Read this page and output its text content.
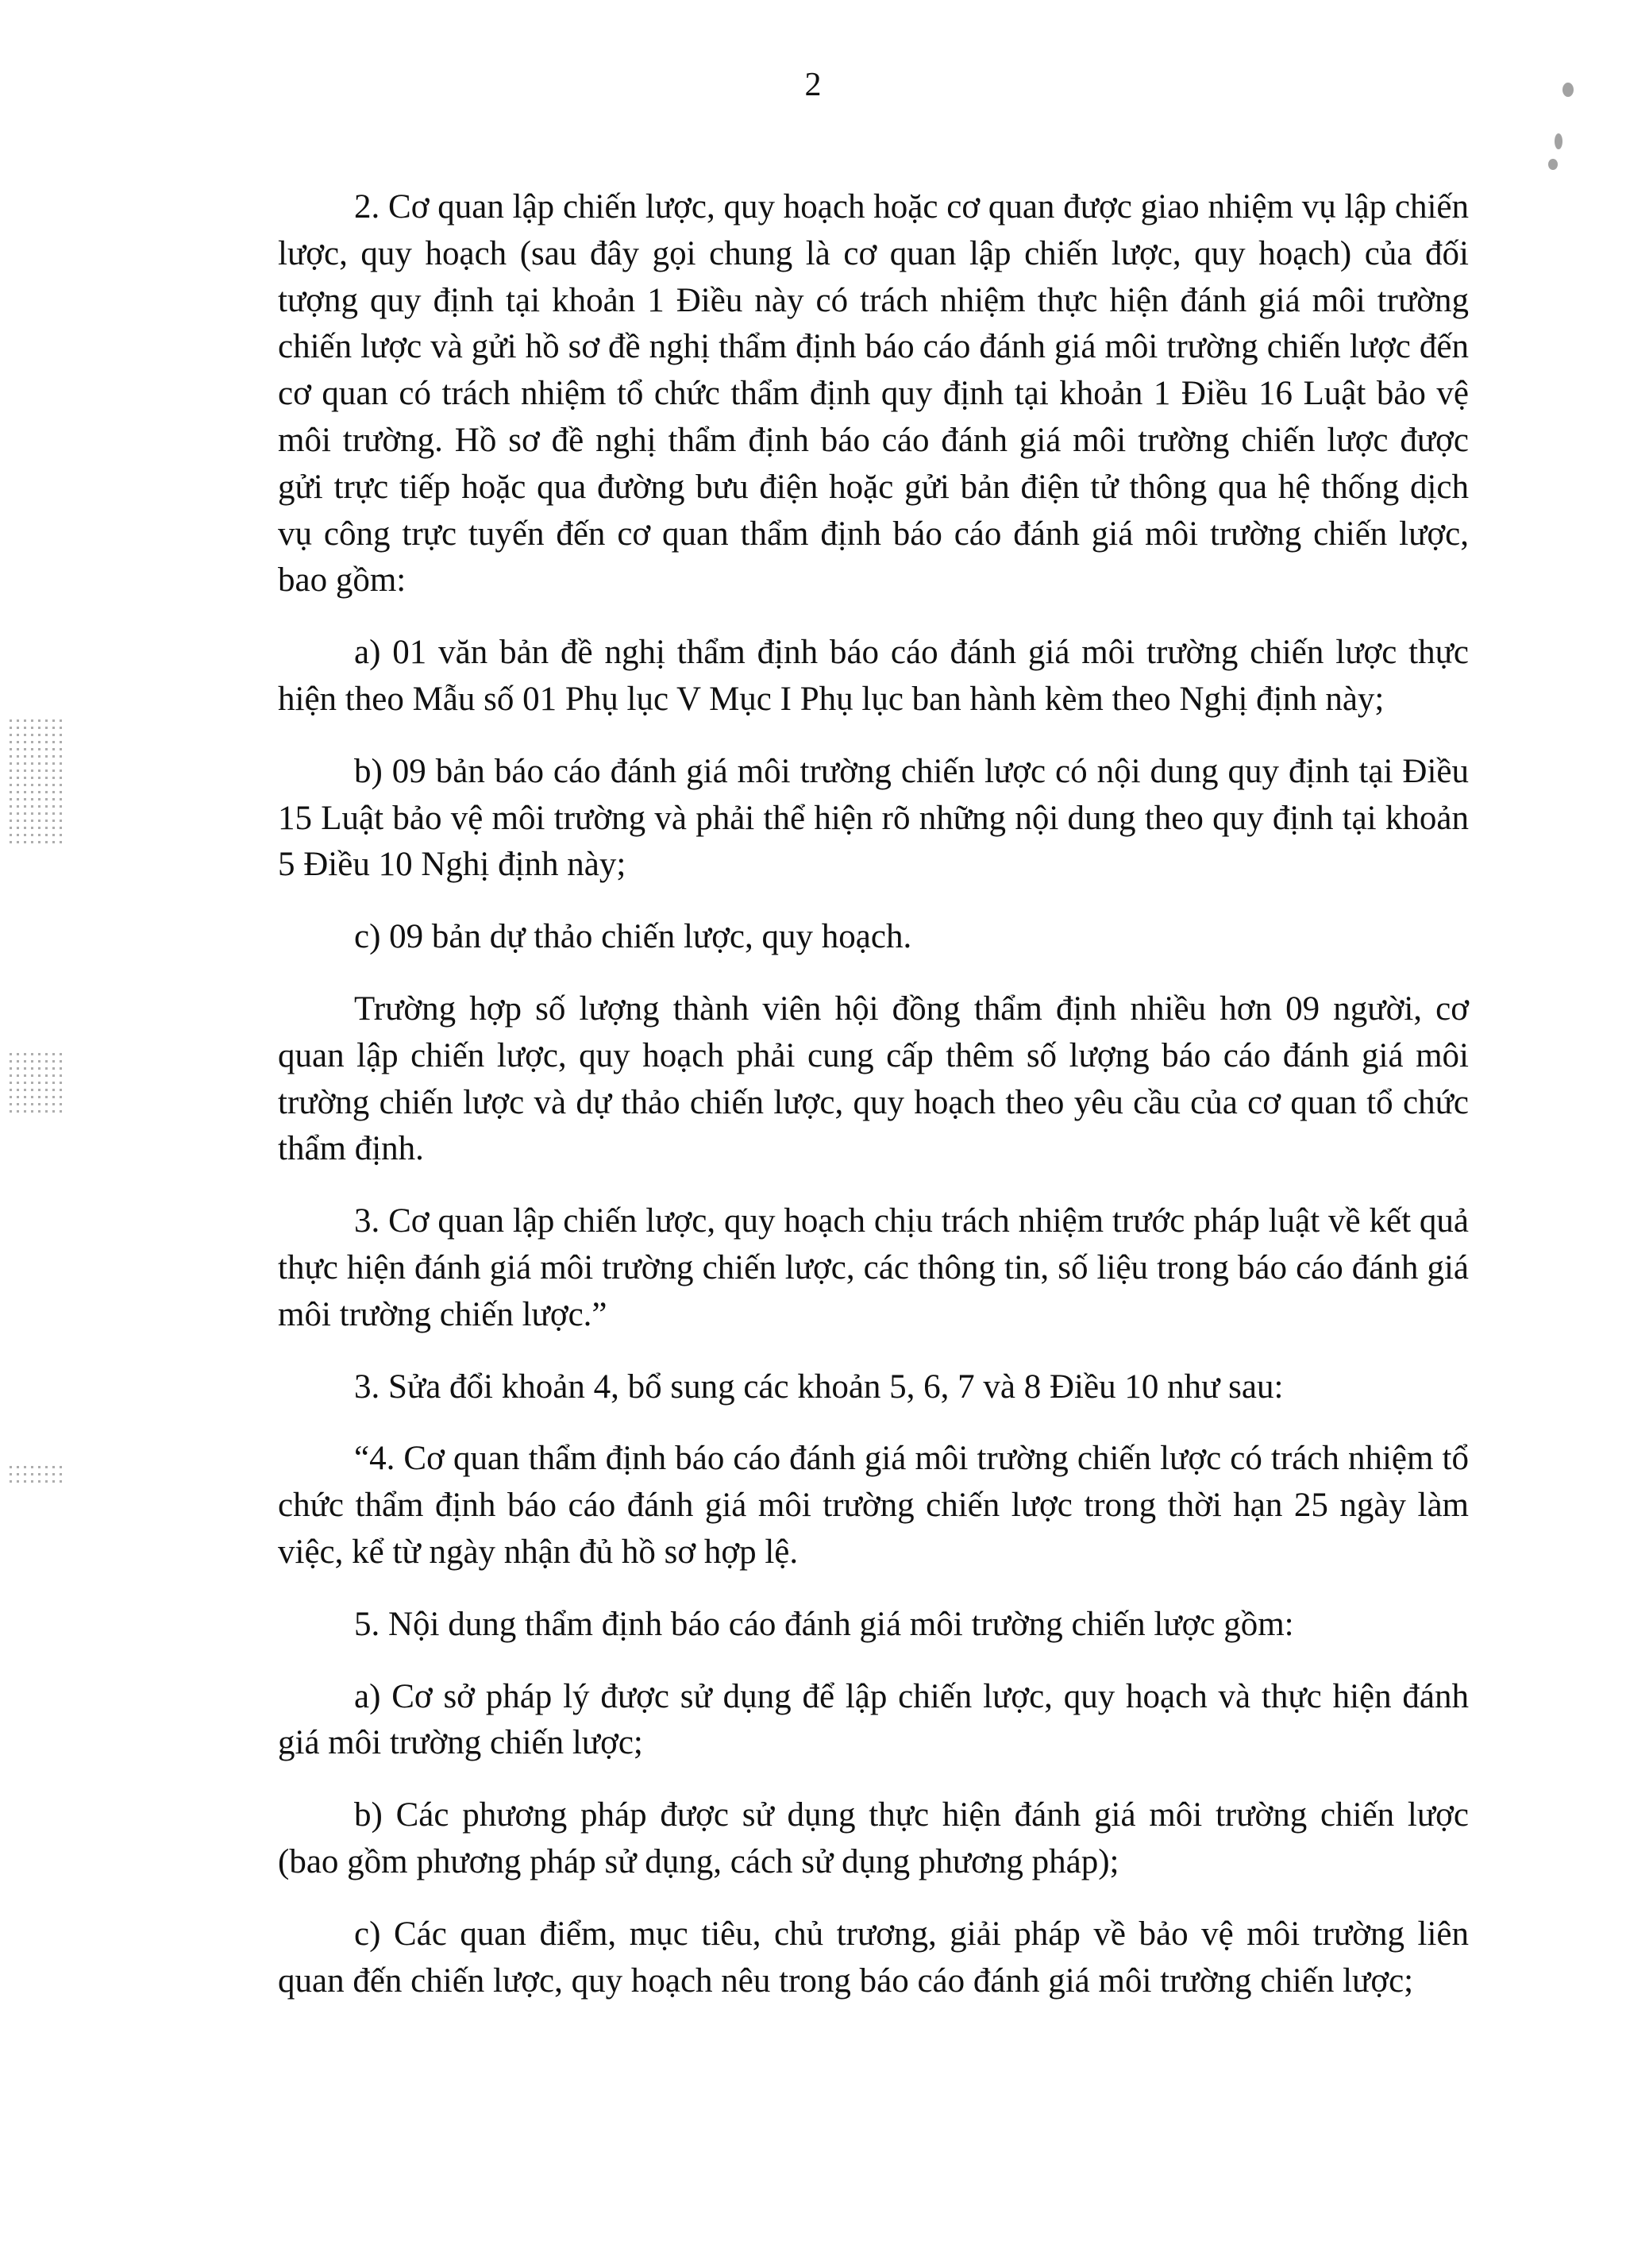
2

2. Cơ quan lập chiến lược, quy hoạch hoặc cơ quan được giao nhiệm vụ lập chiến lược, quy hoạch (sau đây gọi chung là cơ quan lập chiến lược, quy hoạch) của đối tượng quy định tại khoản 1 Điều này có trách nhiệm thực hiện đánh giá môi trường chiến lược và gửi hồ sơ đề nghị thẩm định báo cáo đánh giá môi trường chiến lược đến cơ quan có trách nhiệm tổ chức thẩm định quy định tại khoản 1 Điều 16 Luật bảo vệ môi trường. Hồ sơ đề nghị thẩm định báo cáo đánh giá môi trường chiến lược được gửi trực tiếp hoặc qua đường bưu điện hoặc gửi bản điện tử thông qua hệ thống dịch vụ công trực tuyến đến cơ quan thẩm định báo cáo đánh giá môi trường chiến lược, bao gồm:

a) 01 văn bản đề nghị thẩm định báo cáo đánh giá môi trường chiến lược thực hiện theo Mẫu số 01 Phụ lục V Mục I Phụ lục ban hành kèm theo Nghị định này;

b) 09 bản báo cáo đánh giá môi trường chiến lược có nội dung quy định tại Điều 15 Luật bảo vệ môi trường và phải thể hiện rõ những nội dung theo quy định tại khoản 5 Điều 10 Nghị định này;

c) 09 bản dự thảo chiến lược, quy hoạch.

Trường hợp số lượng thành viên hội đồng thẩm định nhiều hơn 09 người, cơ quan lập chiến lược, quy hoạch phải cung cấp thêm số lượng báo cáo đánh giá môi trường chiến lược và dự thảo chiến lược, quy hoạch theo yêu cầu của cơ quan tổ chức thẩm định.

3. Cơ quan lập chiến lược, quy hoạch chịu trách nhiệm trước pháp luật về kết quả thực hiện đánh giá môi trường chiến lược, các thông tin, số liệu trong báo cáo đánh giá môi trường chiến lược.”

3. Sửa đổi khoản 4, bổ sung các khoản 5, 6, 7 và 8 Điều 10 như sau:

“4. Cơ quan thẩm định báo cáo đánh giá môi trường chiến lược có trách nhiệm tổ chức thẩm định báo cáo đánh giá môi trường chiến lược trong thời hạn 25 ngày làm việc, kể từ ngày nhận đủ hồ sơ hợp lệ.

5. Nội dung thẩm định báo cáo đánh giá môi trường chiến lược gồm:

a) Cơ sở pháp lý được sử dụng để lập chiến lược, quy hoạch và thực hiện đánh giá môi trường chiến lược;

b) Các phương pháp được sử dụng thực hiện đánh giá môi trường chiến lược (bao gồm phương pháp sử dụng, cách sử dụng phương pháp);

c) Các quan điểm, mục tiêu, chủ trương, giải pháp về bảo vệ môi trường liên quan đến chiến lược, quy hoạch nêu trong báo cáo đánh giá môi trường chiến lược;
